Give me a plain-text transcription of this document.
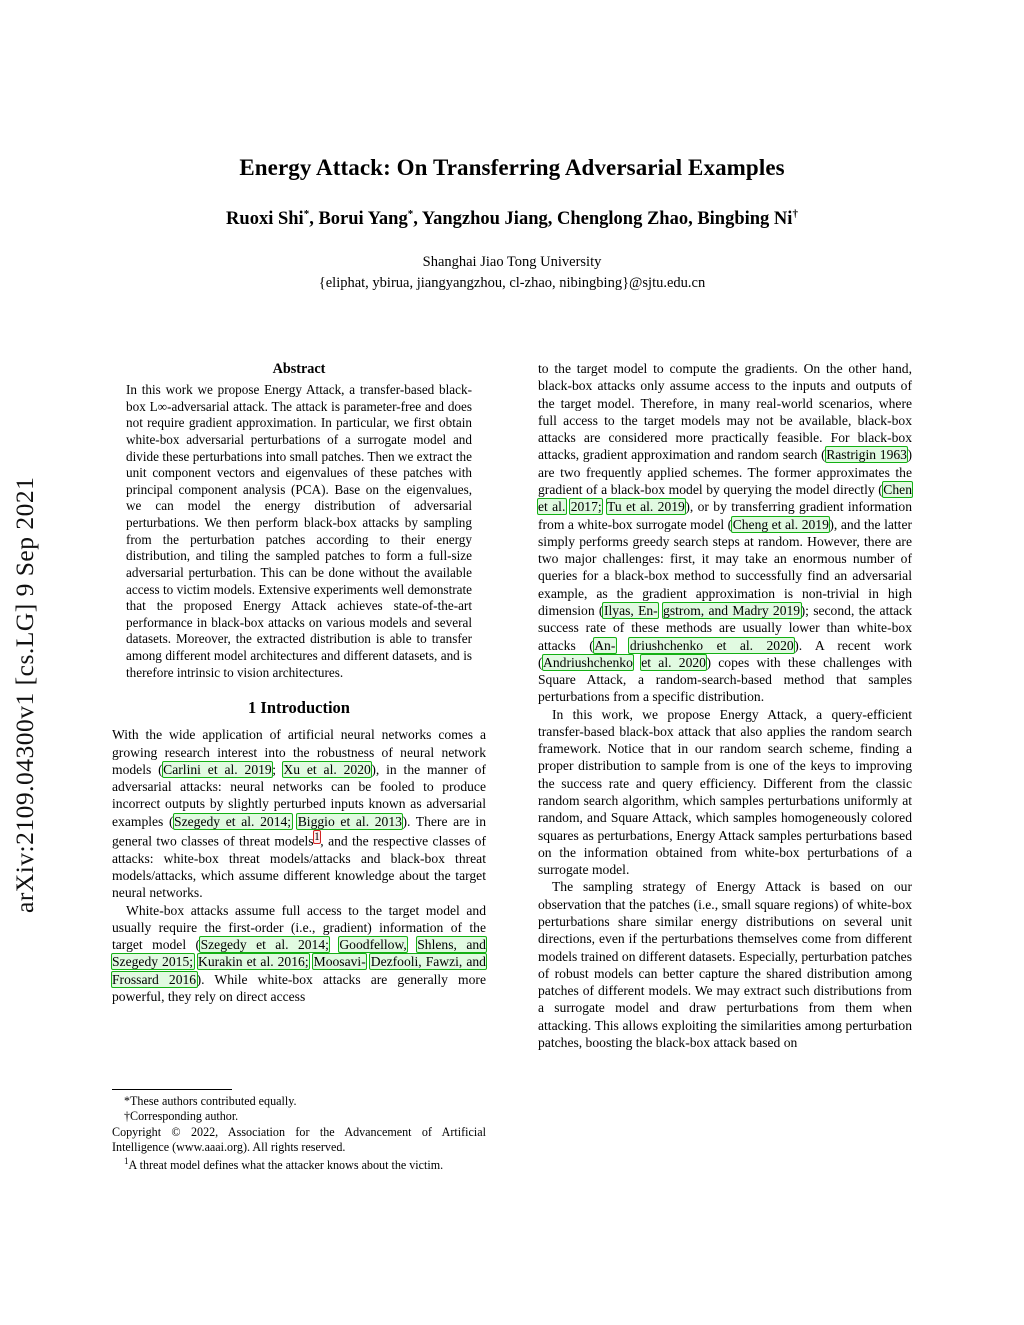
arXiv:2109.04300v1 [cs.LG] 9 Sep 2021
Energy Attack: On Transferring Adversarial Examples
Ruoxi Shi*, Borui Yang*, Yangzhou Jiang, Chenglong Zhao, Bingbing Ni†
Shanghai Jiao Tong University
{eliphat, ybirua, jiangyangzhou, cl-zhao, nibingbing}@sjtu.edu.cn
Abstract

In this work we propose Energy Attack, a transfer-based black-box L∞-adversarial attack. The attack is parameter-free and does not require gradient approximation. In particular, we first obtain white-box adversarial perturbations of a surrogate model and divide these perturbations into small patches. Then we extract the unit component vectors and eigenvalues of these patches with principal component analysis (PCA). Base on the eigenvalues, we can model the energy distribution of adversarial perturbations. We then perform black-box attacks by sampling from the perturbation patches according to their energy distribution, and tiling the sampled patches to form a full-size adversarial perturbation. This can be done without the available access to victim models. Extensive experiments well demonstrate that the proposed Energy Attack achieves state-of-the-art performance in black-box attacks on various models and several datasets. Moreover, the extracted distribution is able to transfer among different model architectures and different datasets, and is therefore intrinsic to vision architectures.

1 Introduction

With the wide application of artificial neural networks comes a growing research interest into the robustness of neural network models (Carlini et al. 2019; Xu et al. 2020), in the manner of adversarial attacks: neural networks can be fooled to produce incorrect outputs by slightly perturbed inputs known as adversarial examples (Szegedy et al. 2014; Biggio et al. 2013). There are in general two classes of threat models$^1$, and the respective classes of attacks: white-box threat models/attacks and black-box threat models/attacks, which assume different knowledge about the target neural networks.

White-box attacks assume full access to the target model and usually require the first-order (i.e., gradient) information of the target model (Szegedy et al. 2014; Goodfellow, Shlens, and Szegedy 2015; Kurakin et al. 2016; Moosavi- Dezfooli, Fawzi, and Frossard 2016). While white-box attacks are generally more powerful, they rely on direct access

to the target model to compute the gradients. On the other hand, black-box attacks only assume access to the inputs and outputs of the target model. Therefore, in many real-world scenarios, where full access to the target models may not be available, black-box attacks are considered more practically feasible. For black-box attacks, gradient approximation and random search (Rastrigin 1963) are two frequently applied schemes. The former approximates the gradient of a black-box model by querying the model directly (Chen et al. 2017; Tu et al. 2019), or by transferring gradient information from a white-box surrogate model (Cheng et al. 2019), and the latter simply performs greedy search steps at random. However, there are two major challenges: first, it may take an enormous number of queries for a black-box method to successfully find an adversarial example, as the gradient approximation is non-trivial in high dimension (Ilyas, En- gstrom, and Madry 2019); second, the attack success rate of these methods are usually lower than white-box attacks (An- driushchenko et al. 2020). A recent work (Andriushchenko et al. 2020) copes with these challenges with Square Attack, a random-search-based method that samples perturbations from a specific distribution.

In this work, we propose Energy Attack, a query-efficient transfer-based black-box attack that also applies the random search framework. Notice that in our random search scheme, finding a proper distribution to sample from is one of the keys to improving the success rate and query efficiency. Different from the classic random search algorithm, which samples perturbations uniformly at random, and Square Attack, which samples homogeneously colored squares as perturbations, Energy Attack samples perturbations based on the information obtained from white-box perturbations of a surrogate model.

The sampling strategy of Energy Attack is based on our observation that the patches (i.e., small square regions) of white-box perturbations share similar energy distributions on several unit directions, even if the perturbations themselves come from different models trained on different datasets. Especially, perturbation patches of robust models can better capture the shared distribution among patches of different models. We may extract such distributions from a surrogate model and draw perturbations from them when attacking. This allows exploiting the similarities among perturbation patches, boosting the black-box attack based on

*These authors contributed equally.

†Corresponding author.

Copyright © 2022, Association for the Advancement of Artificial Intelligence (www.aaai.org). All rights reserved.

$^1$A threat model defines what the attacker knows about the victim.
